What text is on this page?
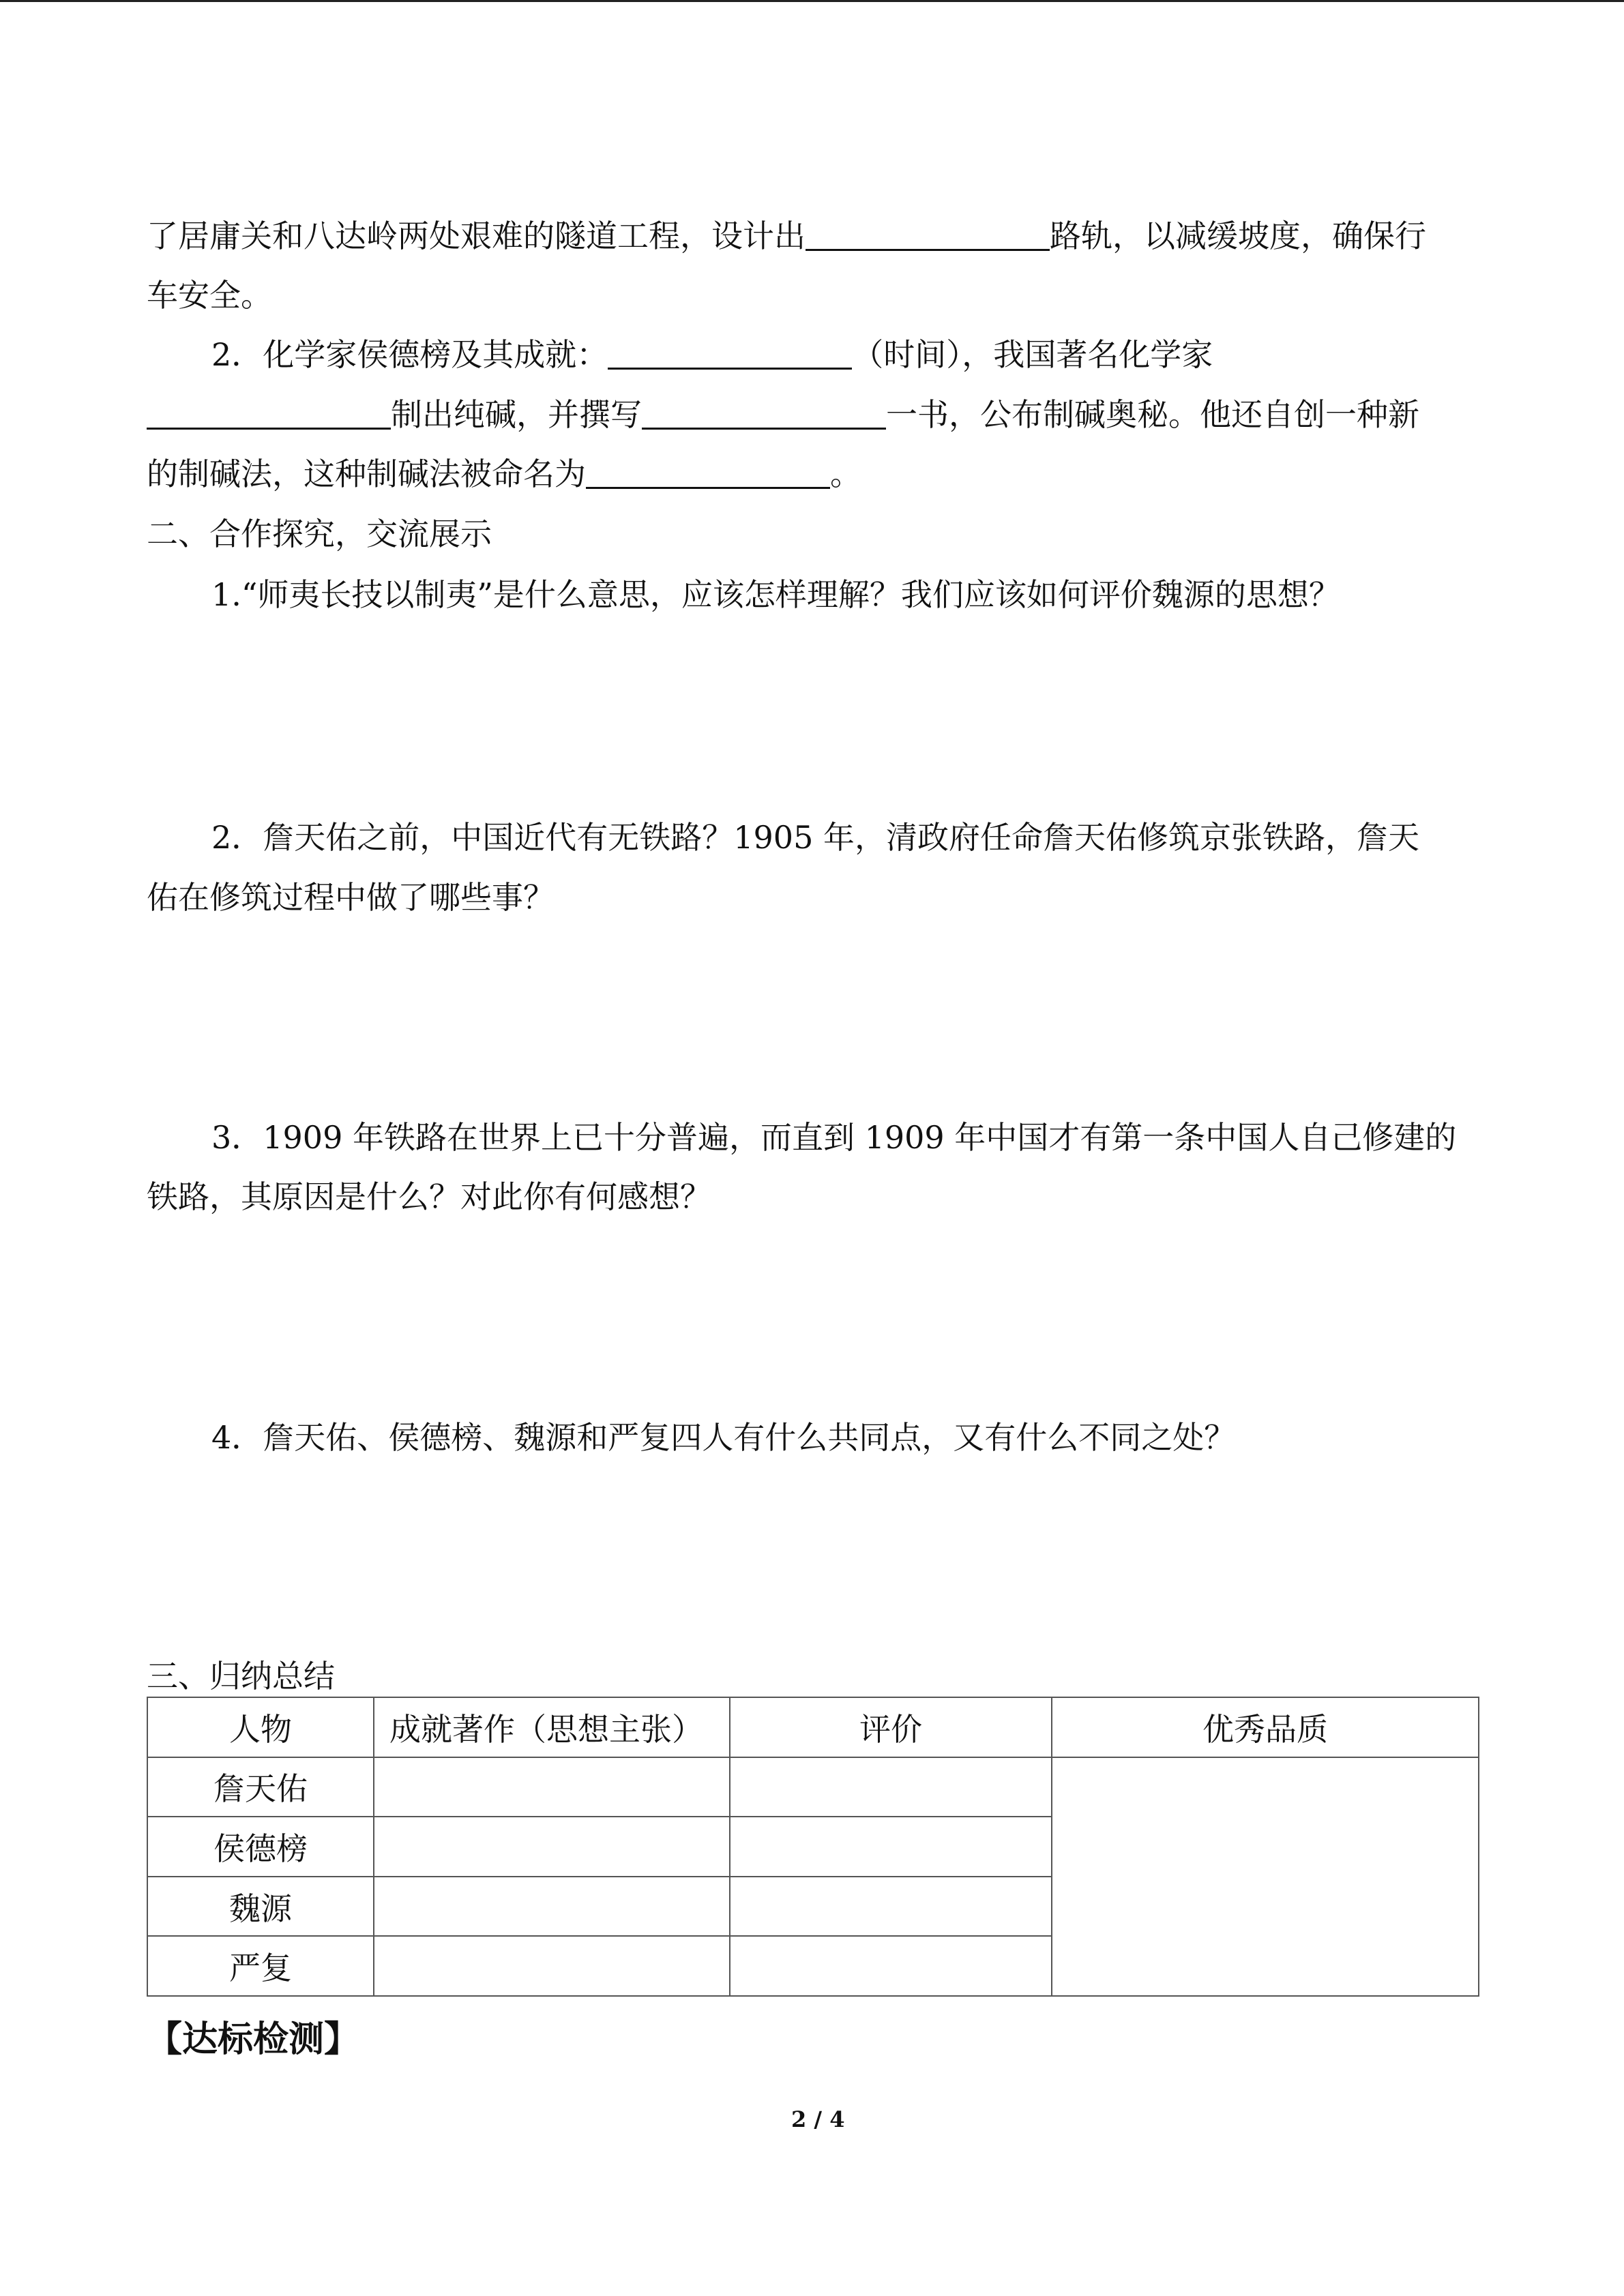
了居庸关和八达岭两处艰难的隧道工程，设计出	路轨，以减缓坡度，确保行
车安全。
2．化学家侯德榜及其成就：	（时间），我国著名化学家
制出纯碱，并撰写	一书，公布制碱奥秘。他还自创一种新
的制碱法，这种制碱法被命名为	。
二、合作探究，交流展示
1.“师夷长技以制夷”是什么意思，应该怎样理解？我们应该如何评价魏源的思想？
2．詹天佑之前，中国近代有无铁路？1905 年，清政府任命詹天佑修筑京张铁路，詹天
佑在修筑过程中做了哪些事？
3．1909 年铁路在世界上已十分普遍，而直到 1909 年中国才有第一条中国人自己修建的
铁路，其原因是什么？对此你有何感想？
4．詹天佑、侯德榜、魏源和严复四人有什么共同点，又有什么不同之处？
三、归纳总结
人物	成就著作（思想主张）	评价	优秀品质
詹天佑			
侯德榜			
魏源			
严复			
【达标检测】
2 / 4
